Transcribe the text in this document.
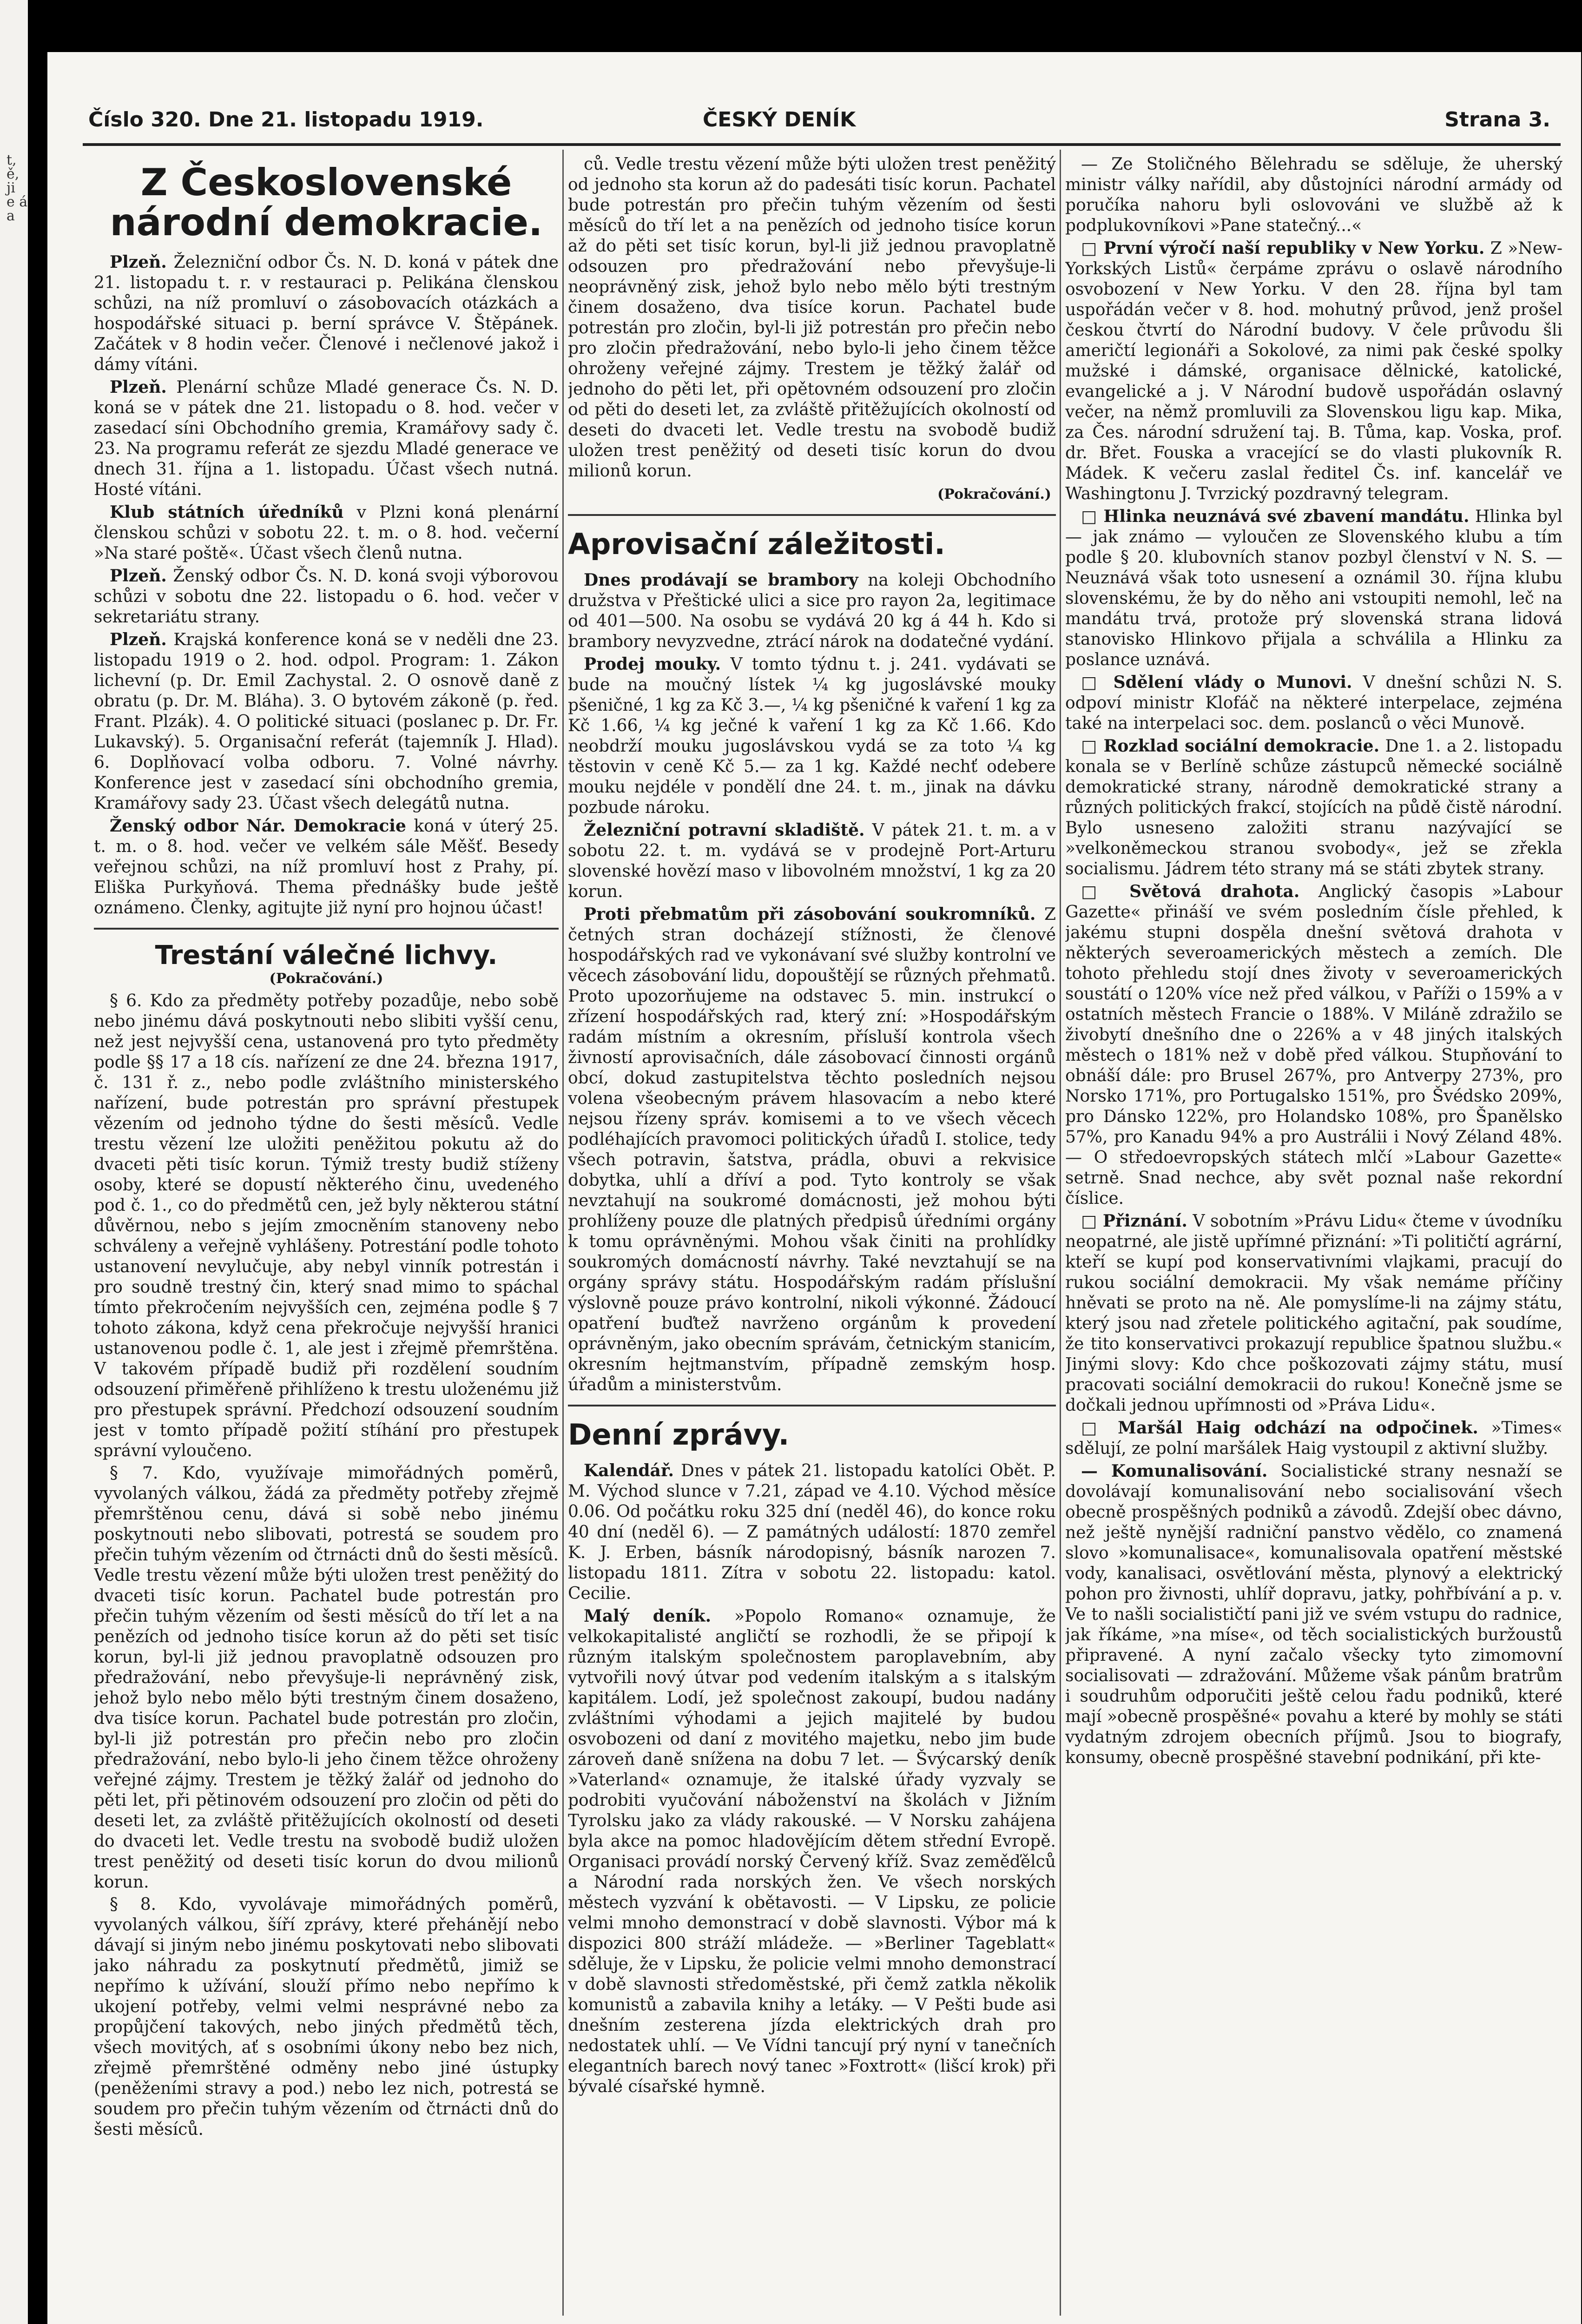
t, ě, ji e á a
Číslo 320. Dne 21. listopadu 1919.	ČESKÝ DENÍK	Strana 3.
Z Československé národní demokracie.

Plzeň. Železniční odbor Čs. N. D. koná v pátek dne 21. listopadu t. r. v restauraci p. Pelikána členskou schůzi, na níž promluví o zásobovacích otázkách a hospodářské situaci p. berní správce V. Štěpánek. Začátek v 8 hodin večer. Členové i nečlenové jakož i dámy vítáni.

Plzeň. Plenární schůze Mladé generace Čs. N. D. koná se v pátek dne 21. listopadu o 8. hod. večer v zasedací síni Obchodního gremia, Kramářovy sady č. 23. Na programu referát ze sjezdu Mladé generace ve dnech 31. října a 1. listopadu. Účast všech nutná. Hosté vítáni.

Klub státních úředníků v Plzni koná plenární členskou schůzi v sobotu 22. t. m. o 8. hod. večerní »Na staré poště«. Účast všech členů nutna.

Plzeň. Ženský odbor Čs. N. D. koná svoji výborovou schůzi v sobotu dne 22. listopadu o 6. hod. večer v sekretariátu strany.

Plzeň. Krajská konference koná se v neděli dne 23. listopadu 1919 o 2. hod. odpol. Program: 1. Zákon lichevní (p. Dr. Emil Zachystal. 2. O osnově daně z obratu (p. Dr. M. Bláha). 3. O bytovém zákoně (p. řed. Frant. Plzák). 4. O politické situaci (poslanec p. Dr. Fr. Lukavský). 5. Organisační referát (tajemník J. Hlad). 6. Doplňovací volba odboru. 7. Volné návrhy. Konference jest v zasedací síni obchodního gremia, Kramářovy sady 23. Účast všech delegátů nutna.

Ženský odbor Nár. Demokracie koná v úterý 25. t. m. o 8. hod. večer ve velkém sále Měšť. Besedy veřejnou schůzi, na níž promluví host z Prahy, pí. Eliška Purkyňová. Thema přednášky bude ještě oznámeno. Členky, agitujte již nyní pro hojnou účast!

Trestání válečné lichvy.
(Pokračování.)

§ 6. Kdo za předměty potřeby pozadůje, nebo sobě nebo jinému dává poskytnouti nebo slibiti vyšší cenu, než jest nejvyšší cena, ustanovená pro tyto předměty podle §§ 17 a 18 cís. nařízení ze dne 24. března 1917, č. 131 ř. z., nebo podle zvláštního ministerského nařízení, bude potrestán pro správní přestupek vězením od jednoho týdne do šesti měsíců. Vedle trestu vězení lze uložiti peněžitou pokutu až do dvaceti pěti tisíc korun. Týmiž tresty budiž stíženy osoby, které se dopustí některého činu, uvedeného pod č. 1., co do předmětů cen, jež byly některou státní důvěrnou, nebo s jejím zmocněním stanoveny nebo schváleny a veřejně vyhlášeny. Potrestání podle tohoto ustanovení nevylučuje, aby nebyl vinník potrestán i pro soudně trestný čin, který snad mimo to spáchal tímto překročením nejvyšších cen, zejména podle § 7 tohoto zákona, když cena překročuje nejvyšší hranici ustanovenou podle č. 1, ale jest i zřejmě přemrštěna. V takovém případě budiž při rozdělení soudním odsouzení přiměřeně přihlíženo k trestu uloženému již pro přestupek správní. Předchozí odsouzení soudním jest v tomto případě požití stíhání pro přestupek správní vyloučeno.

§ 7. Kdo, využívaje mimořádných poměrů, vyvolaných válkou, žádá za předměty potřeby zřejmě přemrštěnou cenu, dává si sobě nebo jinému poskytnouti nebo slibovati, potrestá se soudem pro přečin tuhým vězením od čtrnácti dnů do šesti měsíců. Vedle trestu vězení může býti uložen trest peněžitý do dvaceti tisíc korun. Pachatel bude potrestán pro přečin tuhým vězením od šesti měsíců do tří let a na penězích od jednoho tisíce korun až do pěti set tisíc korun, byl-li již jednou pravoplatně odsouzen pro předražování, nebo převyšuje-li neprávněný zisk, jehož bylo nebo mělo býti trestným činem dosaženo, dva tisíce korun. Pachatel bude potrestán pro zločin, byl-li již potrestán pro přečin nebo pro zločin předražování, nebo bylo-li jeho činem těžce ohroženy veřejné zájmy. Trestem je těžký žalář od jednoho do pěti let, při pětinovém odsouzení pro zločin od pěti do deseti let, za zvláště přitěžujících okolností od deseti do dvaceti let. Vedle trestu na svobodě budiž uložen trest peněžitý od deseti tisíc korun do dvou milionů korun.

§ 8. Kdo, vyvolávaje mimořádných poměrů, vyvolaných válkou, šíří zprávy, které přehánějí nebo dávají si jiným nebo jinému poskytovati nebo slibovati jako náhradu za poskytnutí předmětů, jimiž se nepřímo k užívání, slouží přímo nebo nepřímo k ukojení potřeby, velmi velmi nesprávné nebo za propůjčení takových, nebo jiných předmětů těch, všech movitých, ať s osobními úkony nebo bez nich, zřejmě přemrštěné odměny nebo jiné ústupky (peněženími stravy a pod.) nebo lez nich, potrestá se soudem pro přečin tuhým vězením od čtrnácti dnů do šesti měsíců.

ců. Vedle trestu vězení může býti uložen trest peněžitý od jednoho sta korun až do padesáti tisíc korun. Pachatel bude potrestán pro přečin tuhým vězením od šesti měsíců do tří let a na penězích od jednoho tisíce korun až do pěti set tisíc korun, byl-li již jednou pravoplatně odsouzen pro předražování nebo převyšuje-li neoprávněný zisk, jehož bylo nebo mělo býti trestným činem dosaženo, dva tisíce korun. Pachatel bude potrestán pro zločin, byl-li již potrestán pro přečin nebo pro zločin předražování, nebo bylo-li jeho činem těžce ohroženy veřejné zájmy. Trestem je těžký žalář od jednoho do pěti let, při opětovném odsouzení pro zločin od pěti do deseti let, za zvláště přitěžujících okolností od deseti do dvaceti let. Vedle trestu na svobodě budiž uložen trest peněžitý od deseti tisíc korun do dvou milionů korun.

(Pokračování.)
Aprovisační záležitosti.

Dnes prodávají se brambory na koleji Obchodního družstva v Přeštické ulici a sice pro rayon 2a, legitimace od 401—500. Na osobu se vydává 20 kg á 44 h. Kdo si brambory nevyzvedne, ztrácí nárok na dodatečné vydání.

Prodej mouky. V tomto týdnu t. j. 241. vydávati se bude na moučný lístek ¼ kg jugoslávské mouky pšeničné, 1 kg za Kč 3.—, ¼ kg pšeničné k vaření 1 kg za Kč 1.66, ¼ kg ječné k vaření 1 kg za Kč 1.66. Kdo neobdrží mouku jugoslávskou vydá se za toto ¼ kg těstovin v ceně Kč 5.— za 1 kg. Každé nechť odebere mouku nejdéle v pondělí dne 24. t. m., jinak na dávku pozbude nároku.

Železniční potravní skladiště. V pátek 21. t. m. a v sobotu 22. t. m. vydává se v prodejně Port-Arturu slovenské hovězí maso v libovolném množství, 1 kg za 20 korun.

Proti přebmatům při zásobování soukromníků. Z četných stran docházejí stížnosti, že členové hospodářských rad ve vykonávaní své služby kontrolní ve věcech zásobování lidu, dopouštějí se různých přehmatů. Proto upozorňujeme na odstavec 5. min. instrukcí o zřízení hospodářských rad, který zní: »Hospodářským radám místním a okresním, přísluší kontrola všech živností aprovisačních, dále zásobovací činnosti orgánů obcí, dokud zastupitelstva těchto posledních nejsou volena všeobecným právem hlasovacím a nebo které nejsou řízeny správ. komisemi a to ve všech věcech podléhajících pravomoci politických úřadů I. stolice, tedy všech potravin, šatstva, prádla, obuvi a rekvisice dobytka, uhlí a dříví a pod. Tyto kontroly se však nevztahují na soukromé domácnosti, jež mohou býti prohlíženy pouze dle platných předpisů úředními orgány k tomu oprávněnými. Mohou však činiti na prohlídky soukromých domácností návrhy. Také nevztahují se na orgány správy státu. Hospodářským radám příslušní výslovně pouze právo kontrolní, nikoli výkonné. Žádoucí opatření buďtež navrženo orgánům k provedení oprávněným, jako obecním správám, četnickým stanicím, okresním hejtmanstvím, případně zemským hosp. úřadům a ministerstvům.

Denní zprávy.

Kalendář. Dnes v pátek 21. listopadu katolíci Obět. P. M. Východ slunce v 7.21, západ ve 4.10. Východ měsíce 0.06. Od počátku roku 325 dní (neděl 46), do konce roku 40 dní (neděl 6). — Z památných událostí: 1870 zemřel K. J. Erben, básník národopisný, básník narozen 7. listopadu 1811. Zítra v sobotu 22. listopadu: katol. Cecilie.

Malý deník. »Popolo Romano« oznamuje, že velkokapitalisté angličtí se rozhodli, že se připojí k různým italským společnostem paroplavebním, aby vytvořili nový útvar pod vedením italským a s italským kapitálem. Lodí, jež společnost zakoupí, budou nadány zvláštními výhodami a jejich majitelé by budou osvobozeni od daní z movitého majetku, nebo jim bude zároveň daně snížena na dobu 7 let. — Švýcarský deník »Vaterland« oznamuje, že italské úřady vyzvaly se podrobiti vyučování náboženství na školách v Jižním Tyrolsku jako za vlády rakouské. — V Norsku zahájena byla akce na pomoc hladovějícím dětem střední Evropě. Organisaci provádí norský Červený kříž. Svaz zeměďělců a Národní rada norských žen. Ve všech norských městech vyzvání k obětavosti. — V Lipsku, ze policie velmi mnoho demonstrací v době slavnosti. Výbor má k dispozici 800 stráží mládeže. — »Berliner Tageblatt« sděluje, že v Lipsku, že policie velmi mnoho demonstrací v době slavnosti středoměstské, při čemž zatkla několik komunistů a zabavila knihy a letáky. — V Pešti bude asi dnešním zesterena jízda elektrických drah pro nedostatek uhlí. — Ve Vídni tancují prý nyní v tanečních elegantních barech nový tanec »Foxtrott« (lišcí krok) při bývalé císařské hymně.

— Ze Stoličného Bělehradu se sděluje, že uherský ministr války nařídil, aby důstojníci národní armády od poručíka nahoru byli oslovováni ve službě až k podplukovníkovi »Pane statečný...«

□ První výročí naší republiky v New Yorku. Z »New-Yorkských Listů« čerpáme zprávu o oslavě národního osvobození v New Yorku. V den 28. října byl tam uspořádán večer v 8. hod. mohutný průvod, jenž prošel českou čtvrtí do Národní budovy. V čele průvodu šli američtí legionáři a Sokolové, za nimi pak české spolky mužské i dámské, organisace dělnické, katolické, evangelické a j. V Národní budově uspořádán oslavný večer, na němž promluvili za Slovenskou ligu kap. Mika, za Čes. národní sdružení taj. B. Tůma, kap. Voska, prof. dr. Břet. Fouska a vracející se do vlasti plukovník R. Mádek. K večeru zaslal ředitel Čs. inf. kancelář ve Washingtonu J. Tvrzický pozdravný telegram.

□ Hlinka neuznává své zbavení mandátu. Hlinka byl — jak známo — vyloučen ze Slovenského klubu a tím podle § 20. klubovních stanov pozbyl členství v N. S. — Neuznává však toto usnesení a oznámil 30. října klubu slovenskému, že by do něho ani vstoupiti nemohl, leč na mandátu trvá, protože prý slovenská strana lidová stanovisko Hlinkovo přijala a schválila a Hlinku za poslance uznává.

□ Sdělení vlády o Munovi. V dnešní schůzi N. S. odpoví ministr Klofáč na některé interpelace, zejména také na interpelaci soc. dem. poslanců o věci Munově.

□ Rozklad sociální demokracie. Dne 1. a 2. listopadu konala se v Berlíně schůze zástupců německé sociálně demokratické strany, národně demokratické strany a různých politických frakcí, stojících na půdě čistě národní. Bylo usneseno založiti stranu nazývající se »velkoněmeckou stranou svobody«, jež se zřekla socialismu. Jádrem této strany má se státi zbytek strany.

□ Světová drahota. Anglický časopis »Labour Gazette« přináší ve svém posledním čísle přehled, k jakému stupni dospěla dnešní světová drahota v některých severoamerických městech a zemích. Dle tohoto přehledu stojí dnes životy v severoamerických soustátí o 120% více než před válkou, v Paříži o 159% a v ostatních městech Francie o 188%. V Miláně zdražilo se živobytí dnešního dne o 226% a v 48 jiných italských městech o 181% než v době před válkou. Stupňování to obnáší dále: pro Brusel 267%, pro Antverpy 273%, pro Norsko 171%, pro Portugalsko 151%, pro Švédsko 209%, pro Dánsko 122%, pro Holandsko 108%, pro Španělsko 57%, pro Kanadu 94% a pro Austrálii i Nový Zéland 48%. — O středoevropských státech mlčí »Labour Gazette« setrně. Snad nechce, aby svět poznal naše rekordní číslice.

□ Přiznání. V sobotním »Právu Lidu« čteme v úvodníku neopatrné, ale jistě upřímné přiznání: »Ti političtí agrární, kteří se kupí pod konservativními vlajkami, pracují do rukou sociální demokracii. My však nemáme příčiny hněvati se proto na ně. Ale pomyslíme-li na zájmy státu, který jsou nad zřetele politického agitační, pak soudíme, že tito konservativci prokazují republice špatnou službu.« Jinými slovy: Kdo chce poškozovati zájmy státu, musí pracovati sociální demokracii do rukou! Konečně jsme se dočkali jednou upřímnosti od »Práva Lidu«.

□ Maršál Haig odchází na odpočinek. »Times« sdělují, ze polní maršálek Haig vystoupil z aktivní služby.

— Komunalisování. Socialistické strany nesnaží se dovolávají komunalisování nebo socialisování všech obecně prospěšných podniků a závodů. Zdejší obec dávno, než ještě nynější radniční panstvo vědělo, co znamená slovo »komunalisace«, komunalisovala opatření městské vody, kanalisaci, osvětlování města, plynový a elektrický pohon pro živnosti, uhlíř dopravu, jatky, pohřbívání a p. v. Ve to našli socialističtí pani již ve svém vstupu do radnice, jak říkáme, »na míse«, od těch socialistických buržoustů připravené. A nyní začalo všecky tyto zimomovní socialisovati — zdražování. Můžeme však pánům bratrům i soudruhům odporučiti ještě celou řadu podniků, které mají »obecně prospěšné« povahu a které by mohly se státi vydatným zdrojem obecních příjmů. Jsou to biografy, konsumy, obecně prospěšné stavební podnikání, při kte-
